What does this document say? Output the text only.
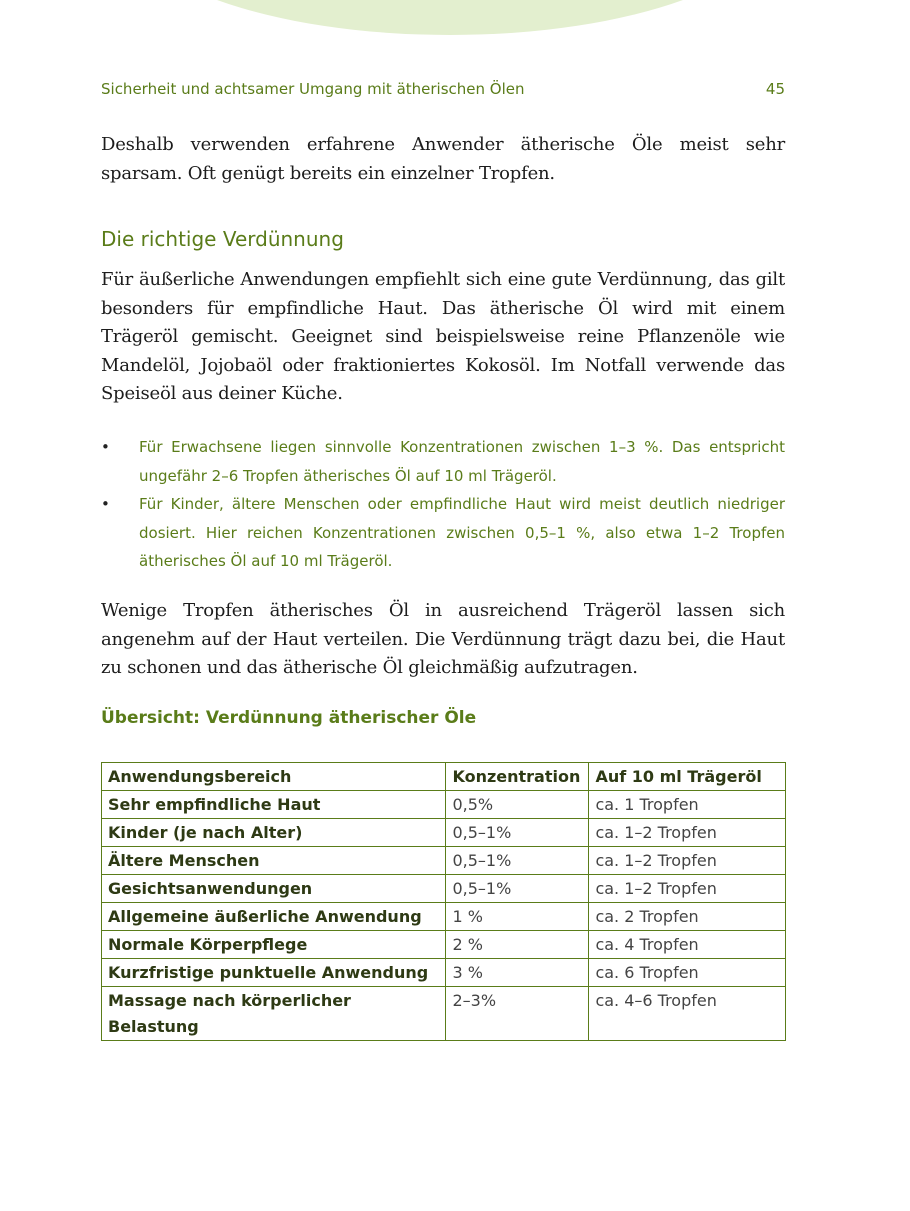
Sicherheit und achtsamer Umgang mit ätherischen Ölen	45

Deshalb verwenden erfahrene Anwender ätherische Öle meist sehr sparsam. Oft genügt bereits ein einzelner Tropfen.

Die richtige Verdünnung

Für äußerliche Anwendungen empfiehlt sich eine gute Verdünnung, das gilt besonders für empfindliche Haut. Das ätherische Öl wird mit einem Trägeröl gemischt. Geeignet sind beispielsweise reine Pflanzenöle wie Mandelöl, Jojobaöl oder fraktioniertes Kokosöl. Im Notfall verwende das Speiseöl aus deiner Küche.

• Für Erwachsene liegen sinnvolle Konzentrationen zwischen 1–3 %. Das entspricht ungefähr 2–6 Tropfen ätherisches Öl auf 10 ml Trägeröl.
• Für Kinder, ältere Menschen oder empfindliche Haut wird meist deutlich niedriger dosiert. Hier reichen Konzentrationen zwischen 0,5–1 %, also etwa 1–2 Tropfen ätherisches Öl auf 10 ml Trägeröl.

Wenige Tropfen ätherisches Öl in ausreichend Trägeröl lassen sich angenehm auf der Haut verteilen. Die Verdünnung trägt dazu bei, die Haut zu schonen und das ätherische Öl gleichmäßig aufzutragen.

Übersicht: Verdünnung ätherischer Öle
Anwendungsbereich	Konzentration	Auf 10 ml Trägeröl
Sehr empfindliche Haut	0,5%	ca. 1 Tropfen
Kinder (je nach Alter)	0,5–1%	ca. 1–2 Tropfen
Ältere Menschen	0,5–1%	ca. 1–2 Tropfen
Gesichtsanwendungen	0,5–1%	ca. 1–2 Tropfen
Allgemeine äußerliche Anwendung	1 %	ca. 2 Tropfen
Normale Körperpflege	2 %	ca. 4 Tropfen
Kurzfristige punktuelle Anwendung	3 %	ca. 6 Tropfen
Massage nach körperlicher Belastung	2–3%	ca. 4–6 Tropfen
